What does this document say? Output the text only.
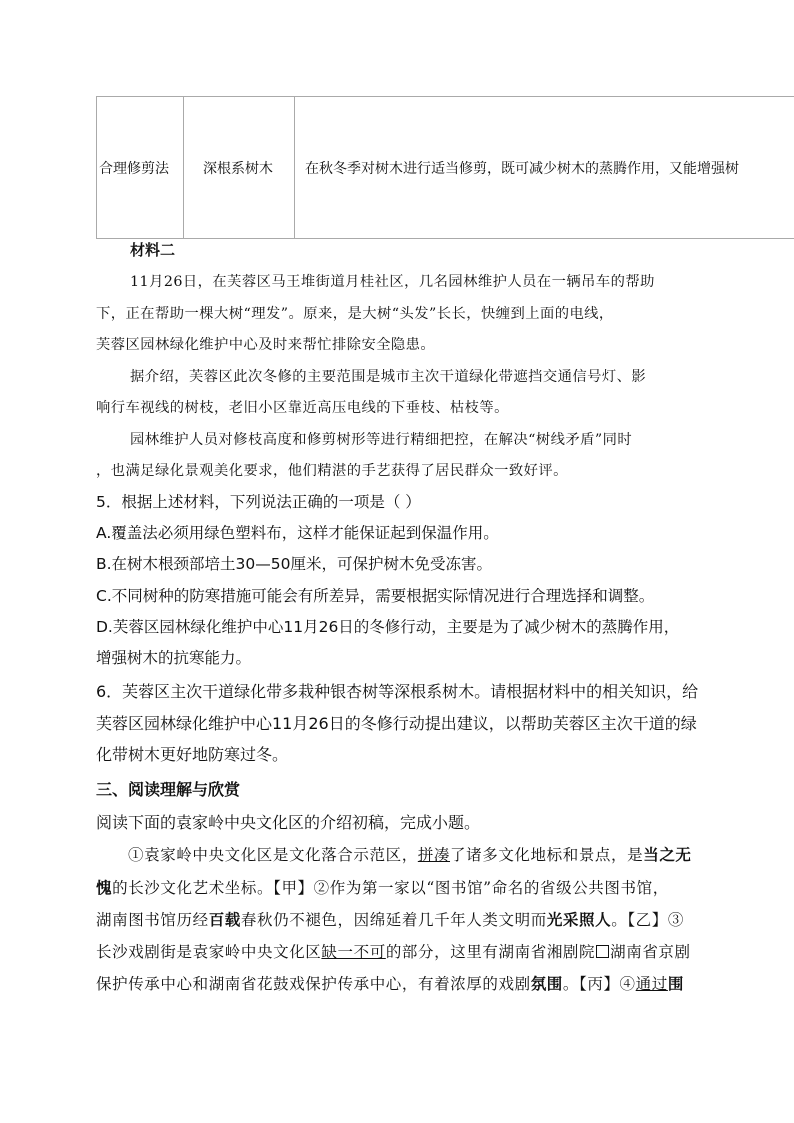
合理修剪法	深根系树木	在秋冬季对树木进行适当修剪，既可减少树木的蒸腾作用，又能增强树
材料二
11月26日，在芙蓉区马王堆街道月桂社区，几名园林维护人员在一辆吊车的帮助
下，正在帮助一棵大树“理发”。原来，是大树“头发”长长，快缠到上面的电线，
芙蓉区园林绿化维护中心及时来帮忙排除安全隐患。
据介绍，芙蓉区此次冬修的主要范围是城市主次干道绿化带遮挡交通信号灯、影
响行车视线的树枝，老旧小区靠近高压电线的下垂枝、枯枝等。
园林维护人员对修枝高度和修剪树形等进行精细把控，在解决“树线矛盾”同时
，也满足绿化景观美化要求，他们精湛的手艺获得了居民群众一致好评。
5．根据上述材料，下列说法正确的一项是（ ）
A.覆盖法必须用绿色塑料布，这样才能保证起到保温作用。
B.在树木根颈部培土30—50厘米，可保护树木免受冻害。
C.不同树种的防寒措施可能会有所差异，需要根据实际情况进行合理选择和调整。
D.芙蓉区园林绿化维护中心11月26日的冬修行动，主要是为了减少树木的蒸腾作用，
增强树木的抗寒能力。
6．芙蓉区主次干道绿化带多栽种银杏树等深根系树木。请根据材料中的相关知识，给
芙蓉区园林绿化维护中心11月26日的冬修行动提出建议，以帮助芙蓉区主次干道的绿
化带树木更好地防寒过冬。
三、阅读理解与欣赏
阅读下面的袁家岭中央文化区的介绍初稿，完成小题。
①袁家岭中央文化区是文化落合示范区，拼凑了诸多文化地标和景点，是当之无
愧的长沙文化艺术坐标。【甲】②作为第一家以“图书馆”命名的省级公共图书馆，
湖南图书馆历经百载春秋仍不褪色，因绵延着几千年人类文明而光采照人。【乙】③
长沙戏剧街是袁家岭中央文化区缺一不可的部分，这里有湖南省湘剧院 湖南省京剧
保护传承中心和湖南省花鼓戏保护传承中心，有着浓厚的戏剧氛围。【丙】④通过围
